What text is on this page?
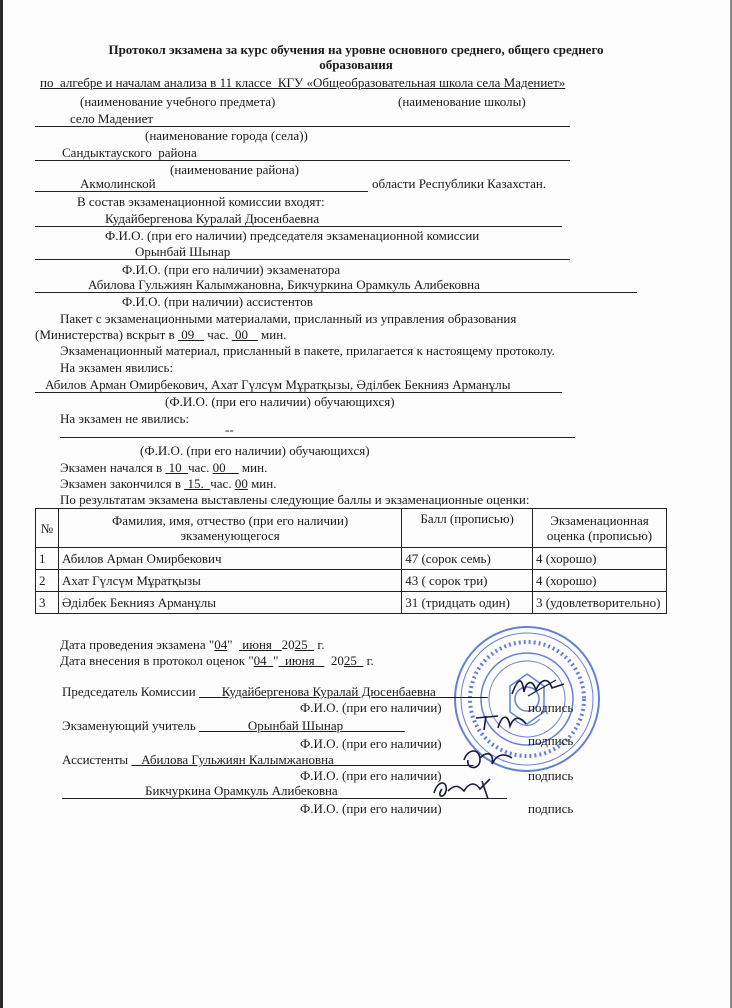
Протокол экзамена за курс обучения на уровне основного среднего, общего среднего
образования
по  алгебре и началам анализа в 11 классе  КГУ «Общеобразовательная школа села Мадениет»
(наименование учебного предмета)	(наименование школы)
село Мадениет
(наименование города (села))
Сандыктауского  района
(наименование района)
Акмолинской	области Республики Казахстан.
В состав экзаменационной комиссии входят:
Кудайбергенова Куралай Дюсенбаевна
Ф.И.О. (при его наличии) председателя экзаменационной комиссии
Орынбай Шынар
Ф.И.О. (при его наличии) экзаменатора
Абилова Гульжиян Калымжановна, Бикчуркина Орамкуль Алибековна
Ф.И.О. (при наличии) ассистентов
Пакет с экзаменационными материалами, присланный из управления образования
(Министерства) вскрыт в 09 час. 00 мин.
Экзаменационный материал, присланный в пакете, прилагается к настоящему протоколу.
На экзамен явились:
Абилов Арман Омирбекович, Ахат Гүлсүм Мұратқызы, Әділбек Бекнияз Арманұлы
(Ф.И.О. (при его наличии) обучающихся)
На экзамен не явились:
--
(Ф.И.О. (при его наличии) обучающихся)
Экзамен начался в 10 час. 00 мин.
Экзамен закончился в 15. час. 00 мин.
По результатам экзамена выставлены следующие баллы и экзаменационные оценки:
№	Фамилия, имя, отчество (при его наличии) экзаменующегося	Балл (прописью)	Экзаменационная оценка (прописью)
1	Абилов Арман Омирбекович	47 (сорок семь)	4 (хорошо)
2	Ахат Гүлсүм Мұратқызы	43 ( сорок три)	4 (хорошо)
3	Әділбек Бекнияз Арманұлы	31 (тридцать один)	3 (удовлетворительно)
Дата проведения экзамена "04"   июня 2025 г.
Дата внесения в протокол оценок "04_" июня 2025 г.
Председатель Комиссии Кудайбергенова Куралай Дюсенбаевна
Ф.И.О. (при его наличии)	подпись
Экзаменующий учитель	Орынбай Шынар
Ф.И.О. (при его наличии)	подпись
Ассистенты Абилова Гульжиян Калымжановна
Ф.И.О. (при его наличии)	подпись
Бикчуркина Орамкуль Алибековна
Ф.И.О. (при его наличии)	подпись
